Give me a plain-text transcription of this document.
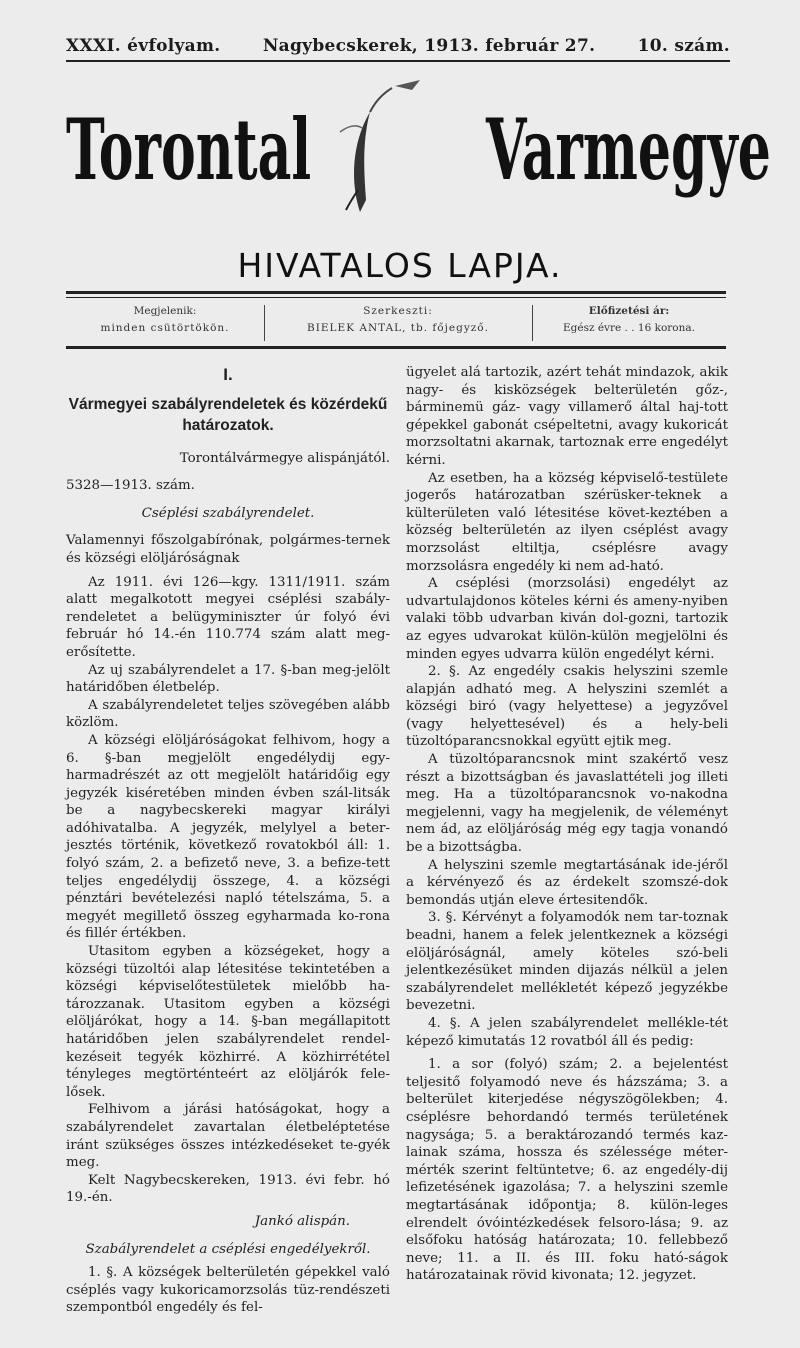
XXXI. évfolyam. Nagybecskerek, 1913. február 27. 10. szám.
Torontal Varmegye
HIVATALOS LAPJA.
Megjelenik:
minden csütörtökön.
Szerkeszti:
BIELEK ANTAL, tb. főjegyző.
Előfizetési ár:
Egész évre . . 16 korona.
I.
Vármegyei szabályrendeletek és közérdekű határozatok.

Torontálvármegye alispánjától.

5328—1913. szám.

Cséplési szabályrendelet.

Valamennyi főszolgabírónak, polgármes-ternek és községi elöljáróságnak

Az 1911. évi 126—kgy. 1311/1911. szám alatt megalkotott megyei cséplési szabály-rendeletet a belügyminiszter úr folyó évi február hó 14.-én 110.774 szám alatt meg-erősítette.

Az uj szabályrendelet a 17. §-ban meg-jelölt határidőben életbelép.

A szabályrendeletet teljes szövegében alább közlöm.

A községi elöljáróságokat felhivom, hogy a 6. §-ban megjelölt engedélydij egy-harmadrészét az ott megjelölt határidőig egy jegyzék kiséretében minden évben szál-litsák be a nagybecskereki magyar királyi adóhivatalba. A jegyzék, melylyel a beter-jesztés történik, következő rovatokból áll: 1. folyó szám, 2. a befizető neve, 3. a befize-tett teljes engedélydij összege, 4. a községi pénztári bevételezési napló tételszáma, 5. a megyét megillető összeg egyharmada ko-rona és fillér értékben.

Utasitom egyben a községeket, hogy a községi tüzoltói alap létesitése tekintetében a községi képviselőtestületek mielőbb ha-tározzanak. Utasitom egyben a községi elöljárókat, hogy a 14. §-ban megállapitott határidőben jelen szabályrendelet rendel-kezéseit tegyék közhirré. A közhirrététel tényleges megtörténteért az elöljárók fele-lősek.

Felhivom a járási hatóságokat, hogy a szabályrendelet zavartalan életbeléptetése iránt szükséges összes intézkedéseket te-gyék meg.

Kelt Nagybecskereken, 1913. évi febr. hó 19.-én.

Jankó alispán.

Szabályrendelet a cséplési engedélyekről.

1. §. A községek belterületén gépekkel való cséplés vagy kukoricamorzsolás tüz-rendészeti szempontból engedély és fel-

ügyelet alá tartozik, azért tehát mindazok, akik nagy- és kisközségek belterületén gőz-, bárminemü gáz- vagy villamerő által haj-tott gépekkel gabonát csépeltetni, avagy kukoricát morzsoltatni akarnak, tartoznak erre engedélyt kérni.

Az esetben, ha a község képviselő-testülete jogerős határozatban szérüsker-teknek a külterületen való létesitése követ-keztében a község belterületén az ilyen cséplést avagy morzsolást eltiltja, cséplésre avagy morzsolásra engedély ki nem ad-ható.

A cséplési (morzsolási) engedélyt az udvartulajdonos köteles kérni és ameny-nyiben valaki több udvarban kiván dol-gozni, tartozik az egyes udvarokat külön-külön megjelölni és minden egyes udvarra külön engedélyt kérni.

2. §. Az engedély csakis helyszini szemle alapján adható meg. A helyszini szemlét a községi biró (vagy helyettese) a jegyzővel (vagy helyettesével) és a hely-beli tüzoltóparancsnokkal együtt ejtik meg.

A tüzoltóparancsnok mint szakértő vesz részt a bizottságban és javaslattételi jog illeti meg. Ha a tüzoltóparancsnok vo-nakodna megjelenni, vagy ha megjelenik, de véleményt nem ád, az elöljáróság még egy tagja vonandó be a bizottságba.

A helyszini szemle megtartásának ide-jéről a kérvényező és az érdekelt szomszé-dok bemondás utján eleve értesitendők.

3. §. Kérvényt a folyamodók nem tar-toznak beadni, hanem a felek jelentkeznek a községi elöljáróságnál, amely köteles szó-beli jelentkezésüket minden dijazás nélkül a jelen szabályrendelet mellékletét képező jegyzékbe bevezetni.

4. §. A jelen szabályrendelet mellékle-tét képező kimutatás 12 rovatból áll és pedig:

1. a sor (folyó) szám; 2. a bejelentést teljesitő folyamodó neve és házszáma; 3. a belterület kiterjedése négyszögölekben; 4. cséplésre behordandó termés területének nagysága; 5. a beraktározandó termés kaz-lainak száma, hossza és szélessége méter-mérték szerint feltüntetve; 6. az engedély-dij lefizetésének igazolása; 7. a helyszini szemle megtartásának időpontja; 8. külön-leges elrendelt óvóintézkedések felsoro-lása; 9. az elsőfoku hatóság határozata; 10. fellebbező neve; 11. a II. és III. foku ható-ságok határozatainak rövid kivonata; 12. jegyzet.
